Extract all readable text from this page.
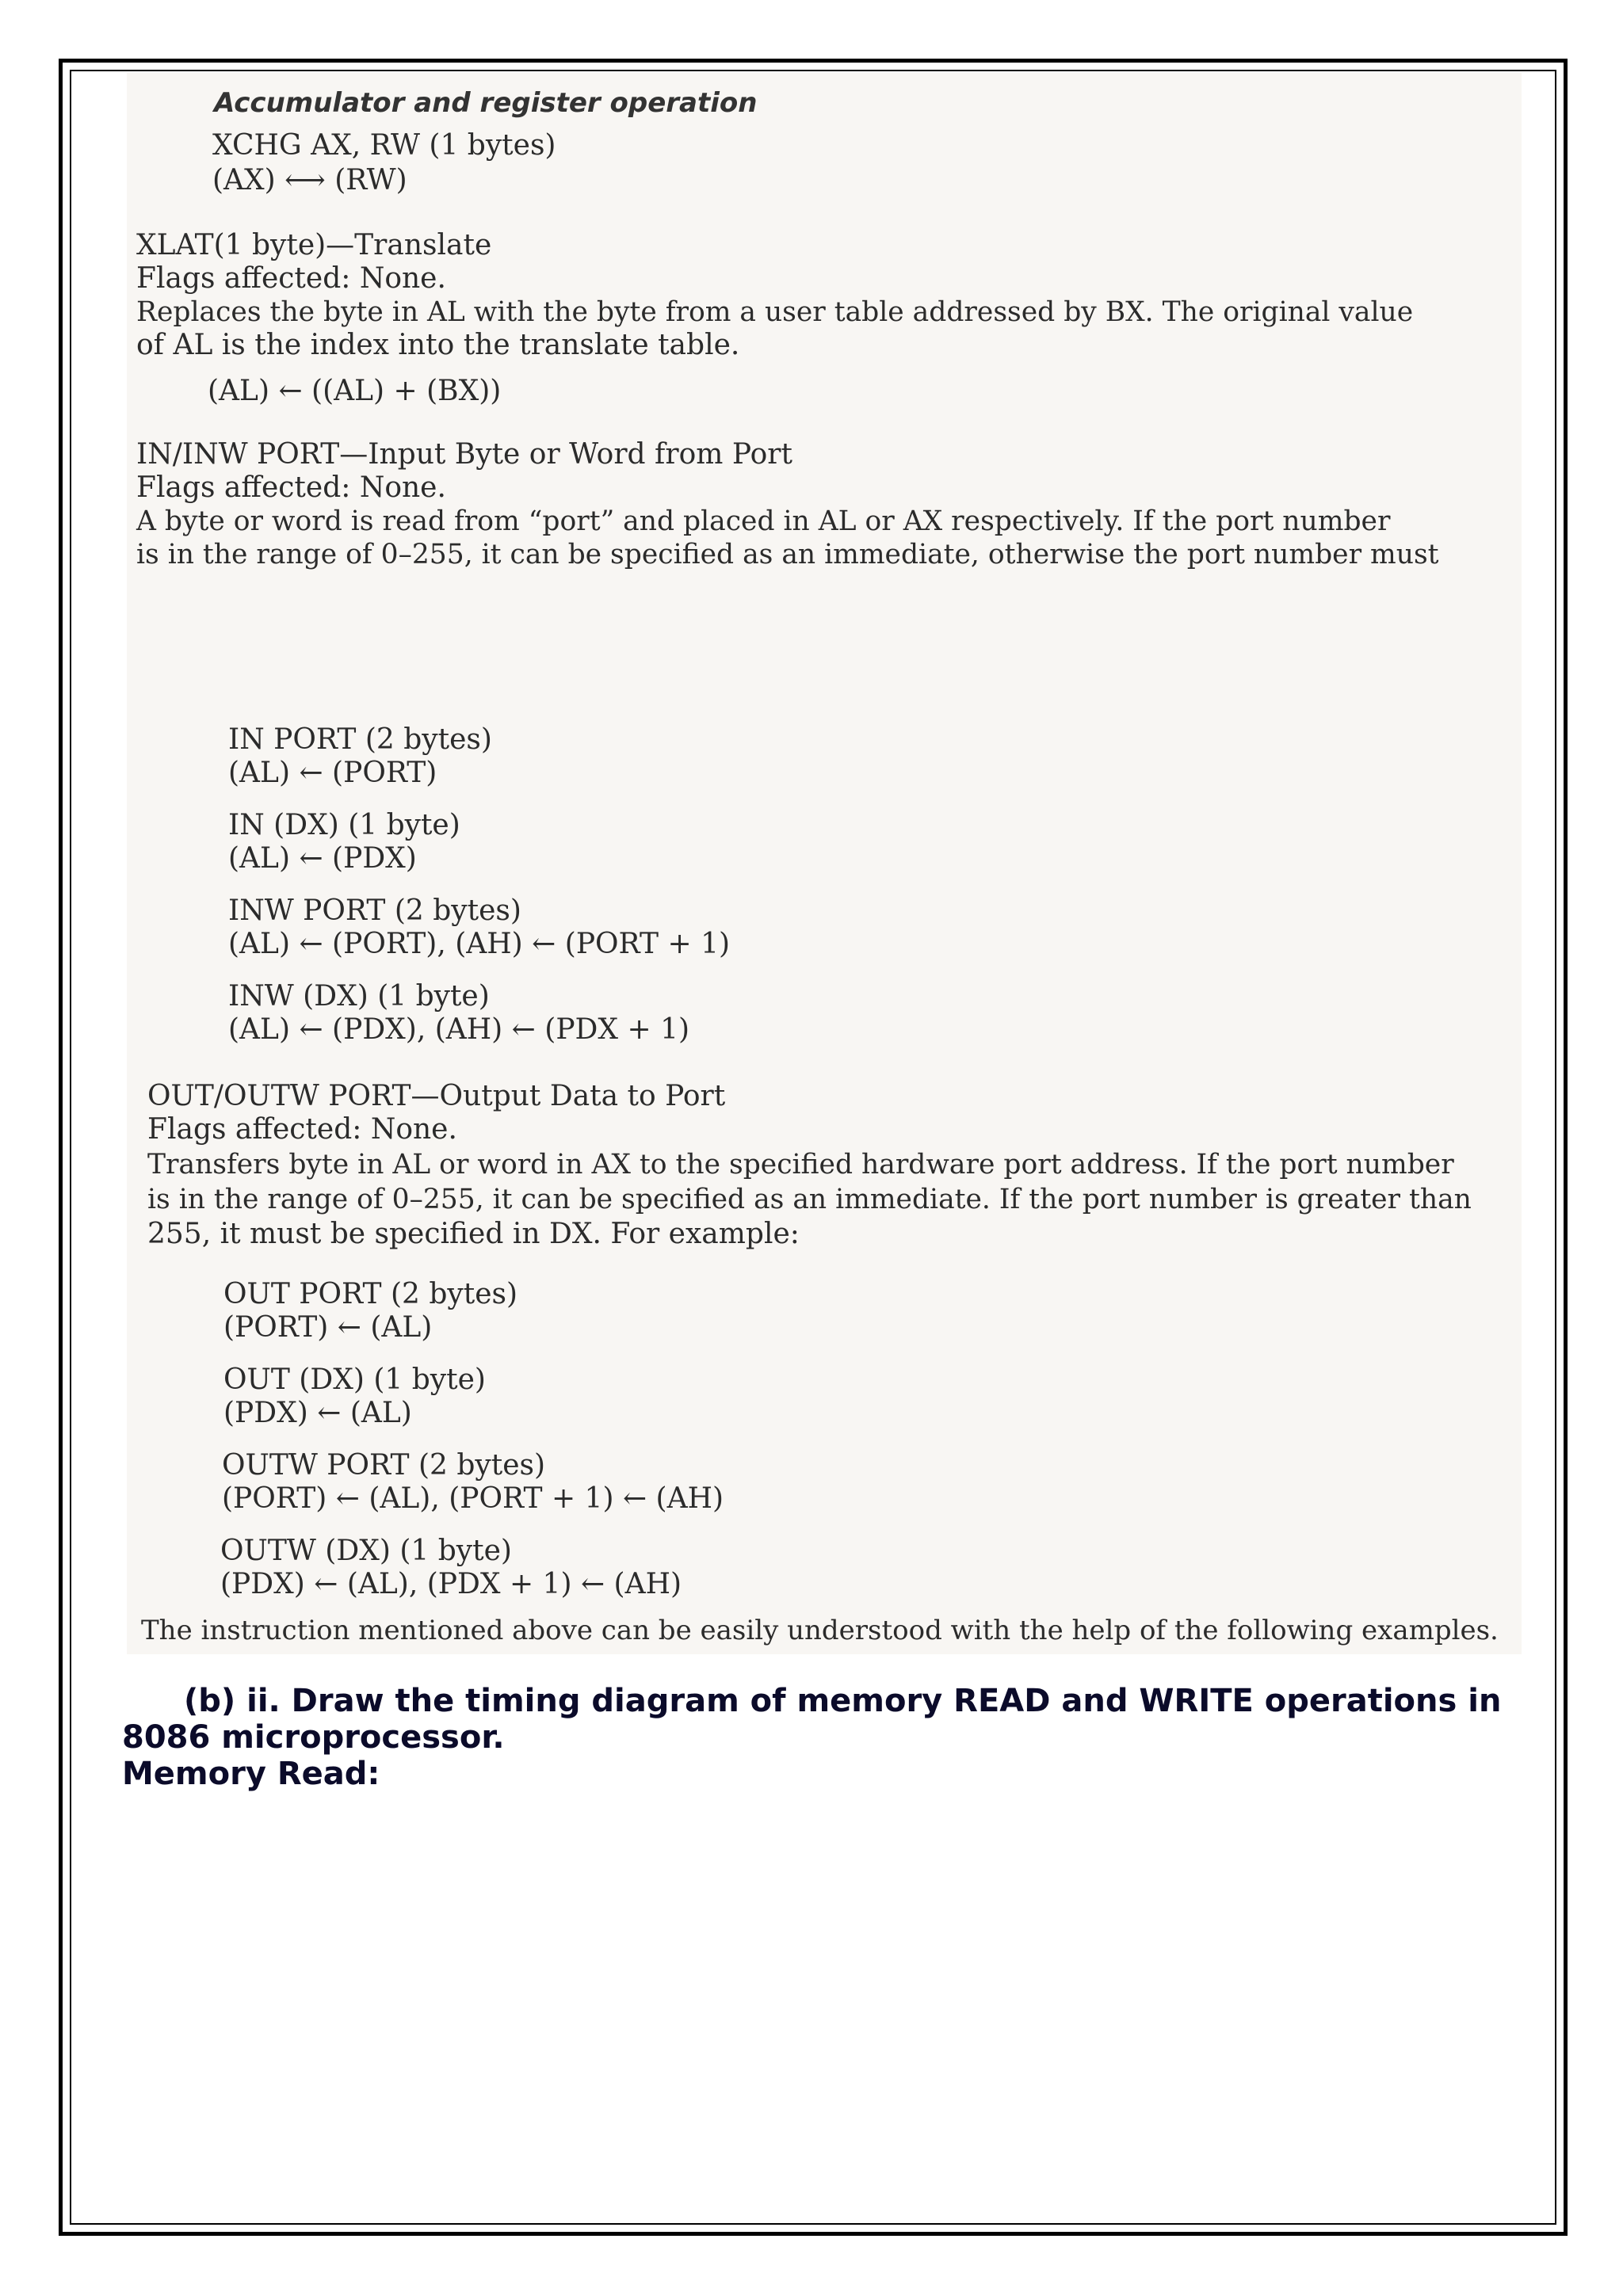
Accumulator and register operation
XCHG AX, RW (1 bytes)
(AX) ⟷ (RW)
XLAT(1 byte)—Translate
Flags affected: None.
Replaces the byte in AL with the byte from a user table addressed by BX. The original value
of AL is the index into the translate table.
(AL) ← ((AL) + (BX))
IN/INW PORT—Input Byte or Word from Port
Flags affected: None.
A byte or word is read from “port” and placed in AL or AX respectively. If the port number
is in the range of 0–255, it can be specified as an immediate, otherwise the port number must
IN PORT (2 bytes)
(AL) ← (PORT)
IN (DX) (1 byte)
(AL) ← (PDX)
INW PORT (2 bytes)
(AL) ← (PORT), (AH) ← (PORT + 1)
INW (DX) (1 byte)
(AL) ← (PDX), (AH) ← (PDX + 1)
OUT/OUTW PORT—Output Data to Port
Flags affected: None.
Transfers byte in AL or word in AX to the specified hardware port address. If the port number
is in the range of 0–255, it can be specified as an immediate. If the port number is greater than
255, it must be specified in DX. For example:
OUT PORT (2 bytes)
(PORT) ← (AL)
OUT (DX) (1 byte)
(PDX) ← (AL)
OUTW PORT (2 bytes)
(PORT) ← (AL), (PORT + 1) ← (AH)
OUTW (DX) (1 byte)
(PDX) ← (AL), (PDX + 1) ← (AH)
The instruction mentioned above can be easily understood with the help of the following examples.
(b) ii. Draw the timing diagram of memory READ and WRITE operations in
8086 microprocessor.
Memory Read:
